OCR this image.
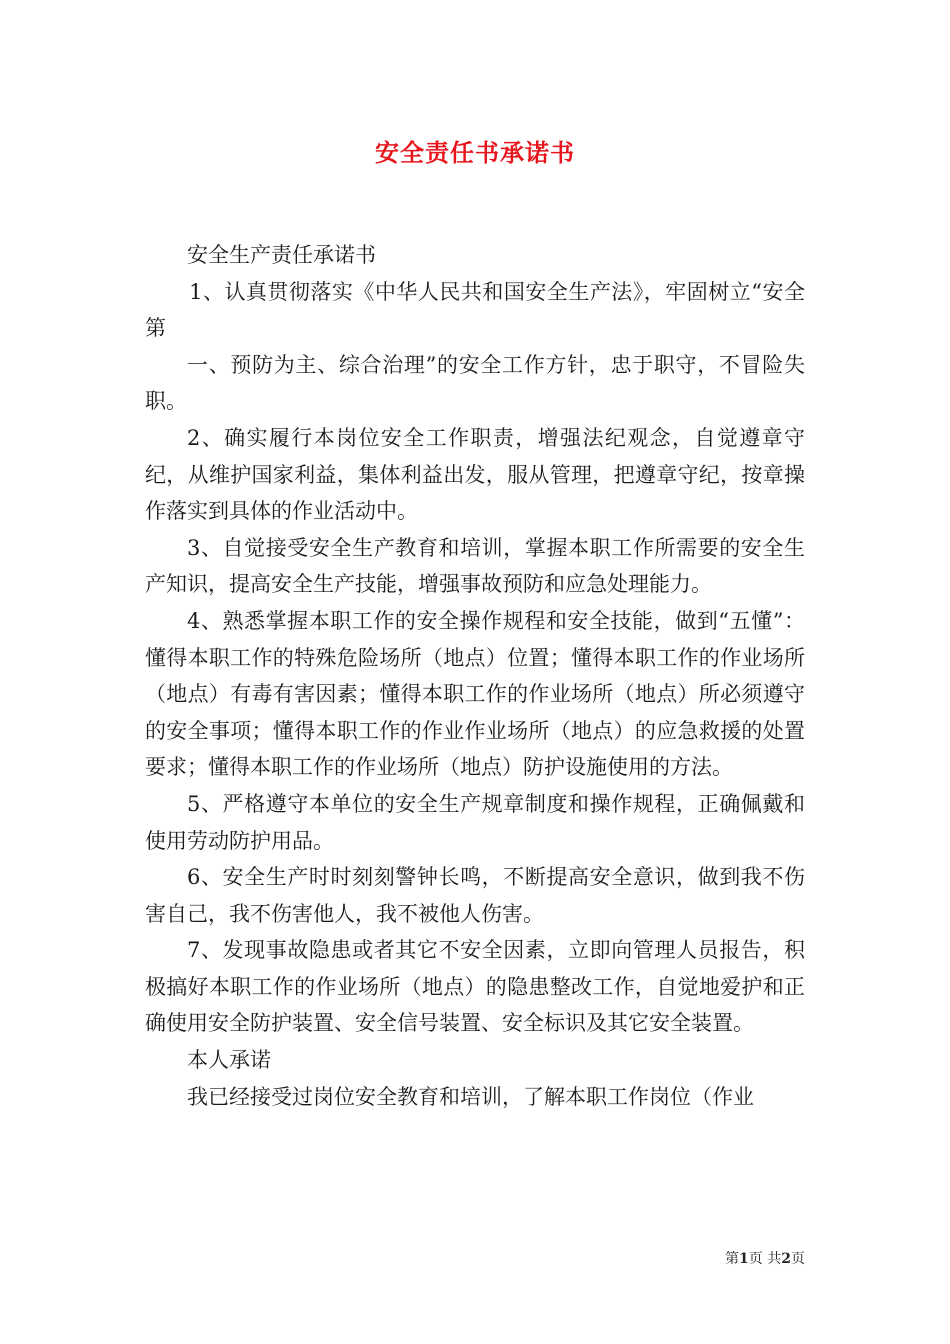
安全责任书承诺书

安全生产责任承诺书

1、认真贯彻落实《中华人民共和国安全生产法》，牢固树立“安全第

一、预防为主、综合治理”的安全工作方针，忠于职守，不冒险失职。

2、确实履行本岗位安全工作职责，增强法纪观念，自觉遵章守纪，从维护国家利益，集体利益出发，服从管理，把遵章守纪，按章操作落实到具体的作业活动中。

3、自觉接受安全生产教育和培训，掌握本职工作所需要的安全生产知识，提高安全生产技能，增强事故预防和应急处理能力。

4、熟悉掌握本职工作的安全操作规程和安全技能，做到“五懂”：懂得本职工作的特殊危险场所（地点）位置；懂得本职工作的作业场所（地点）有毒有害因素；懂得本职工作的作业场所（地点）所必须遵守的安全事项；懂得本职工作的作业作业场所（地点）的应急救援的处置要求；懂得本职工作的作业场所（地点）防护设施使用的方法。

5、严格遵守本单位的安全生产规章制度和操作规程，正确佩戴和使用劳动防护用品。

6、安全生产时时刻刻警钟长鸣，不断提高安全意识，做到我不伤害自己，我不伤害他人，我不被他人伤害。

7、发现事故隐患或者其它不安全因素，立即向管理人员报告，积极搞好本职工作的作业场所（地点）的隐患整改工作，自觉地爱护和正确使用安全防护装置、安全信号装置、安全标识及其它安全装置。

本人承诺

我已经接受过岗位安全教育和培训，了解本职工作岗位（作业

第1页 共2页
